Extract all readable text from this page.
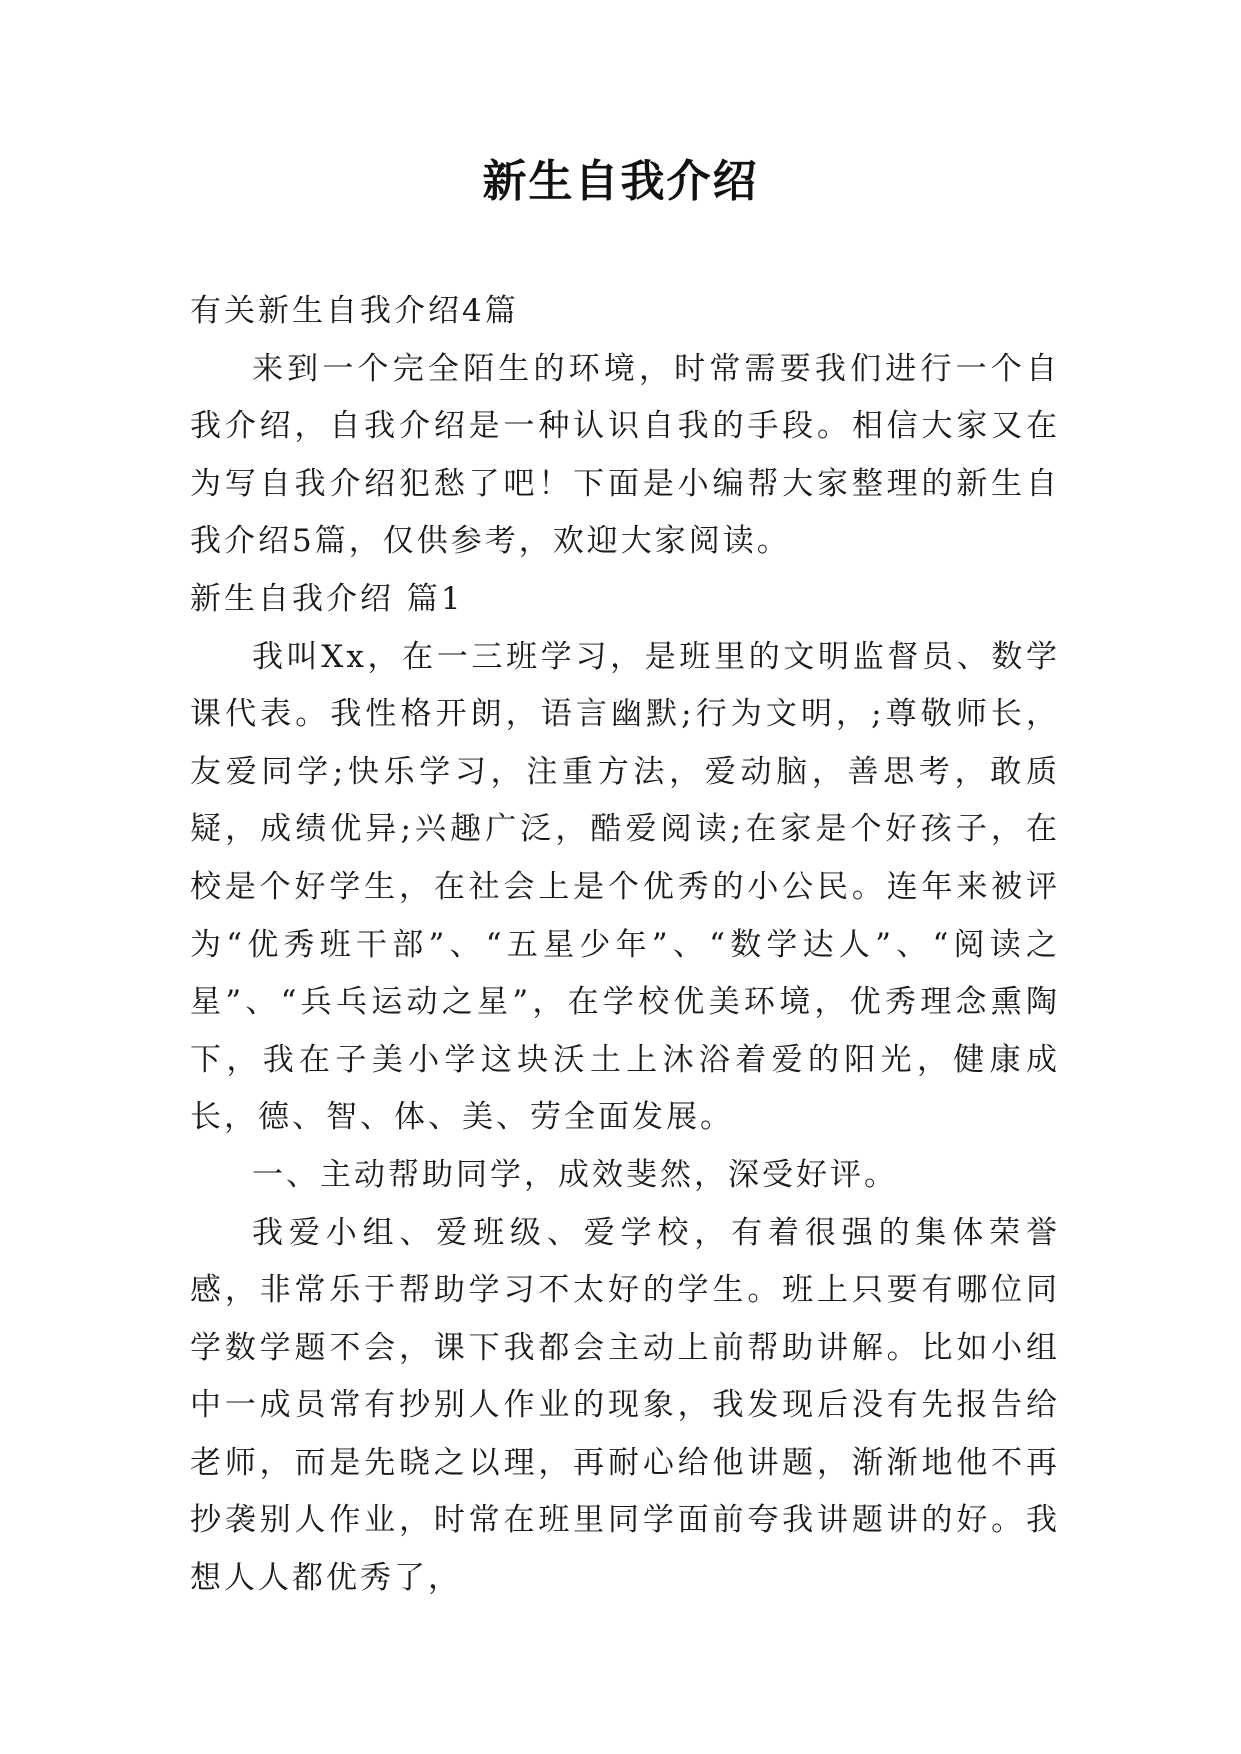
新生自我介绍

有关新生自我介绍4篇

来到一个完全陌生的环境，时常需要我们进行一个自我介绍，自我介绍是一种认识自我的手段。相信大家又在为写自我介绍犯愁了吧！下面是小编帮大家整理的新生自我介绍5篇，仅供参考，欢迎大家阅读。

新生自我介绍 篇1

我叫Xx，在一三班学习，是班里的文明监督员、数学课代表。我性格开朗，语言幽默;行为文明，;尊敬师长，友爱同学;快乐学习，注重方法，爱动脑，善思考，敢质疑，成绩优异;兴趣广泛，酷爱阅读;在家是个好孩子，在校是个好学生，在社会上是个优秀的小公民。连年来被评为“优秀班干部”、“五星少年”、“数学达人”、“阅读之星”、“兵乓运动之星”，在学校优美环境，优秀理念熏陶下，我在子美小学这块沃土上沐浴着爱的阳光，健康成长，德、智、体、美、劳全面发展。

一、主动帮助同学，成效斐然，深受好评。

我爱小组、爱班级、爱学校，有着很强的集体荣誉感，非常乐于帮助学习不太好的学生。班上只要有哪位同学数学题不会，课下我都会主动上前帮助讲解。比如小组中一成员常有抄别人作业的现象，我发现后没有先报告给老师，而是先晓之以理，再耐心给他讲题，渐渐地他不再抄袭别人作业，时常在班里同学面前夸我讲题讲的好。我想人人都优秀了，
